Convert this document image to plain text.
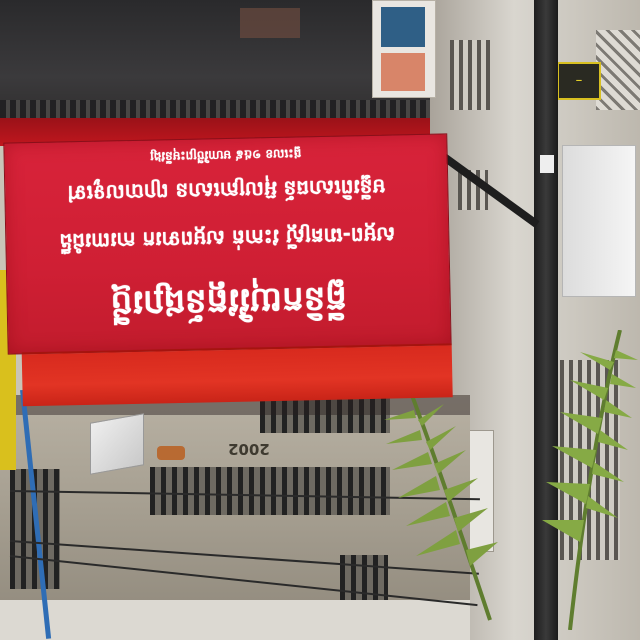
—
2002
គ្លីនិកយុវិវត្តន៍ផ្សារថ្មី
សម្ភព-រោគស្ត្រី វះកាត់ សម្ភពទារក ការពារជំងឺ
មន្ទីរពិសោធន៍ អ៊ុលត្រាសោន ព្យាបាលទូទៅ
ផ្ទះលេខ ១៥៩ មហាវិថីព្រះមុនីវង្ស
